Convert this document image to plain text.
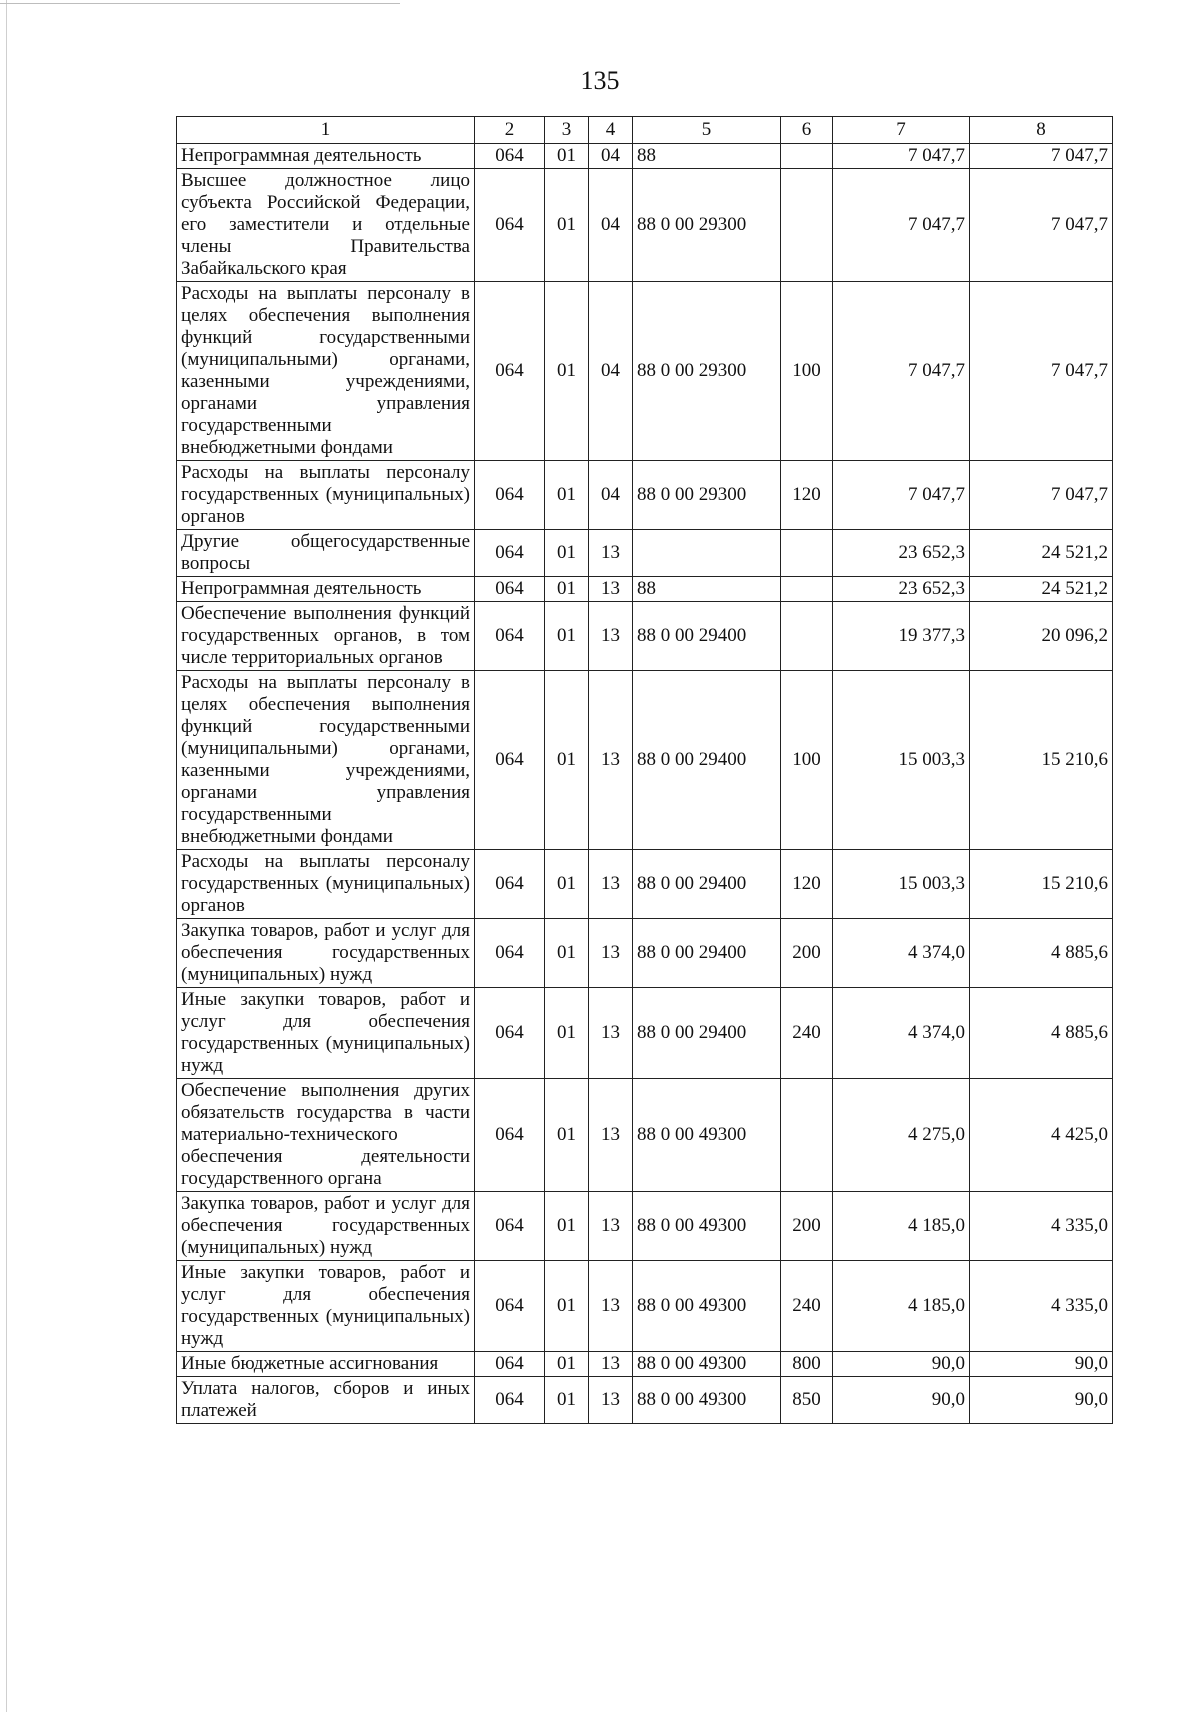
135
1	2	3	4	5	6	7	8
Непрограммная деятельность	064	01	04	88		7 047,7	7 047,7
Высшее должностное лицо субъекта Российской Федерации, его заместители и отдельные члены Правительства Забайкальского края	064	01	04	88 0 00 29300		7 047,7	7 047,7
Расходы на выплаты персоналу в целях обеспечения выполнения функций государственными (муниципальными) органами, казенными учреждениями, органами управления государственными внебюджетными фондами	064	01	04	88 0 00 29300	100	7 047,7	7 047,7
Расходы на выплаты персоналу государственных (муниципальных) органов	064	01	04	88 0 00 29300	120	7 047,7	7 047,7
Другие общегосударственные вопросы	064	01	13			23 652,3	24 521,2
Непрограммная деятельность	064	01	13	88		23 652,3	24 521,2
Обеспечение выполнения функций государственных органов, в том числе территориальных органов	064	01	13	88 0 00 29400		19 377,3	20 096,2
Расходы на выплаты персоналу в целях обеспечения выполнения функций государственными (муниципальными) органами, казенными учреждениями, органами управления государственными внебюджетными фондами	064	01	13	88 0 00 29400	100	15 003,3	15 210,6
Расходы на выплаты персоналу государственных (муниципальных) органов	064	01	13	88 0 00 29400	120	15 003,3	15 210,6
Закупка товаров, работ и услуг для обеспечения государственных (муниципальных) нужд	064	01	13	88 0 00 29400	200	4 374,0	4 885,6
Иные закупки товаров, работ и услуг для обеспечения государственных (муниципальных) нужд	064	01	13	88 0 00 29400	240	4 374,0	4 885,6
Обеспечение выполнения других обязательств государства в части материально-технического обеспечения деятельности государственного органа	064	01	13	88 0 00 49300		4 275,0	4 425,0
Закупка товаров, работ и услуг для обеспечения государственных (муниципальных) нужд	064	01	13	88 0 00 49300	200	4 185,0	4 335,0
Иные закупки товаров, работ и услуг для обеспечения государственных (муниципальных) нужд	064	01	13	88 0 00 49300	240	4 185,0	4 335,0
Иные бюджетные ассигнования	064	01	13	88 0 00 49300	800	90,0	90,0
Уплата налогов, сборов и иных платежей	064	01	13	88 0 00 49300	850	90,0	90,0
